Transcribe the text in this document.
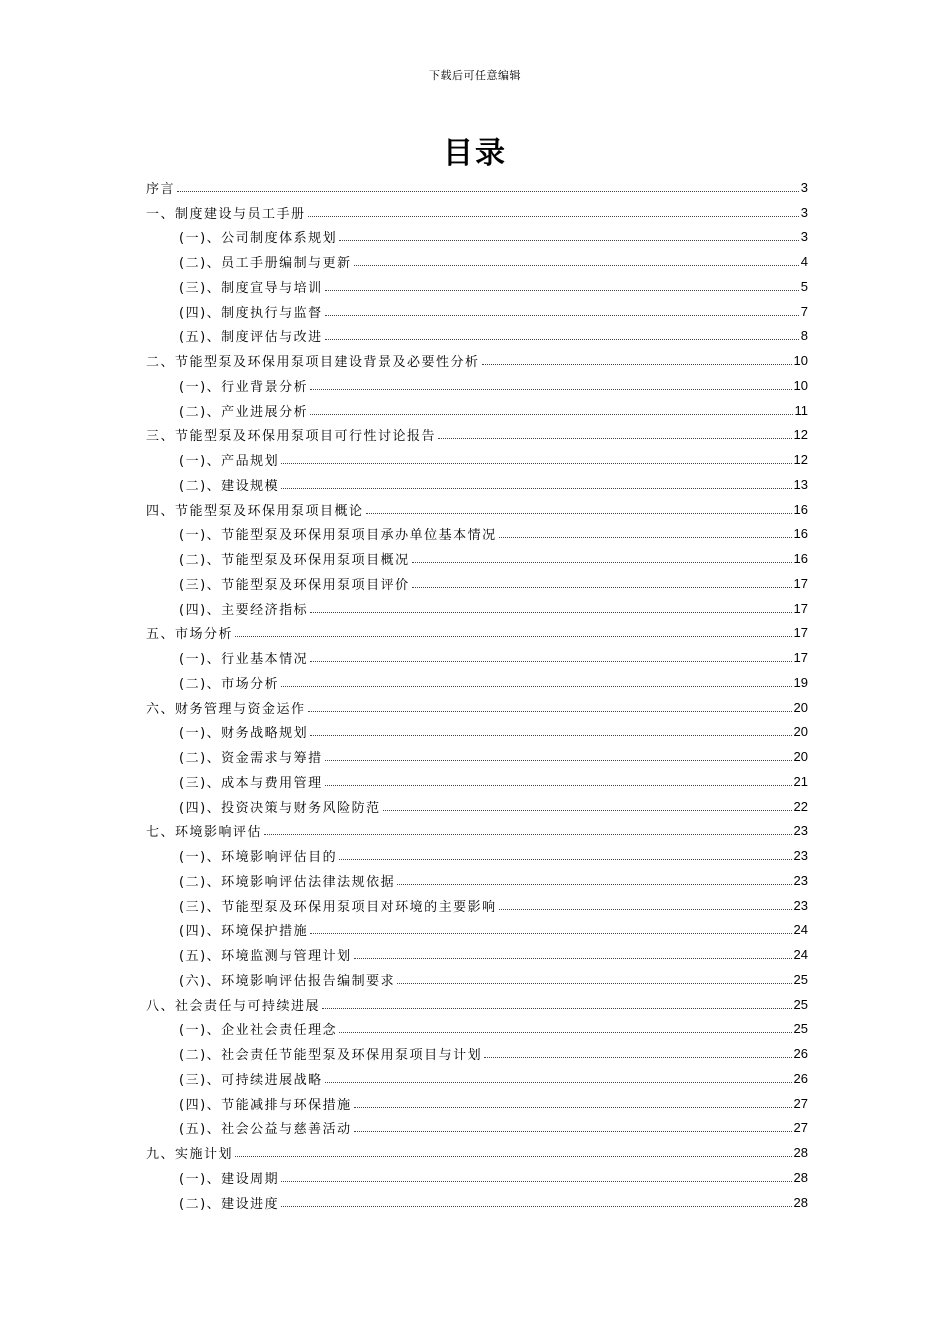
下载后可任意编辑
目录
序言	3
一、制度建设与员工手册	3
(一)、公司制度体系规划	3
(二)、员工手册编制与更新	4
(三)、制度宣导与培训	5
(四)、制度执行与监督	7
(五)、制度评估与改进	8
二、节能型泵及环保用泵项目建设背景及必要性分析	10
(一)、行业背景分析	10
(二)、产业进展分析	11
三、节能型泵及环保用泵项目可行性讨论报告	12
(一)、产品规划	12
(二)、建设规模	13
四、节能型泵及环保用泵项目概论	16
(一)、节能型泵及环保用泵项目承办单位基本情况	16
(二)、节能型泵及环保用泵项目概况	16
(三)、节能型泵及环保用泵项目评价	17
(四)、主要经济指标	17
五、市场分析	17
(一)、行业基本情况	17
(二)、市场分析	19
六、财务管理与资金运作	20
(一)、财务战略规划	20
(二)、资金需求与筹措	20
(三)、成本与费用管理	21
(四)、投资决策与财务风险防范	22
七、环境影响评估	23
(一)、环境影响评估目的	23
(二)、环境影响评估法律法规依据	23
(三)、节能型泵及环保用泵项目对环境的主要影响	23
(四)、环境保护措施	24
(五)、环境监测与管理计划	24
(六)、环境影响评估报告编制要求	25
八、社会责任与可持续进展	25
(一)、企业社会责任理念	25
(二)、社会责任节能型泵及环保用泵项目与计划	26
(三)、可持续进展战略	26
(四)、节能减排与环保措施	27
(五)、社会公益与慈善活动	27
九、实施计划	28
(一)、建设周期	28
(二)、建设进度	28
